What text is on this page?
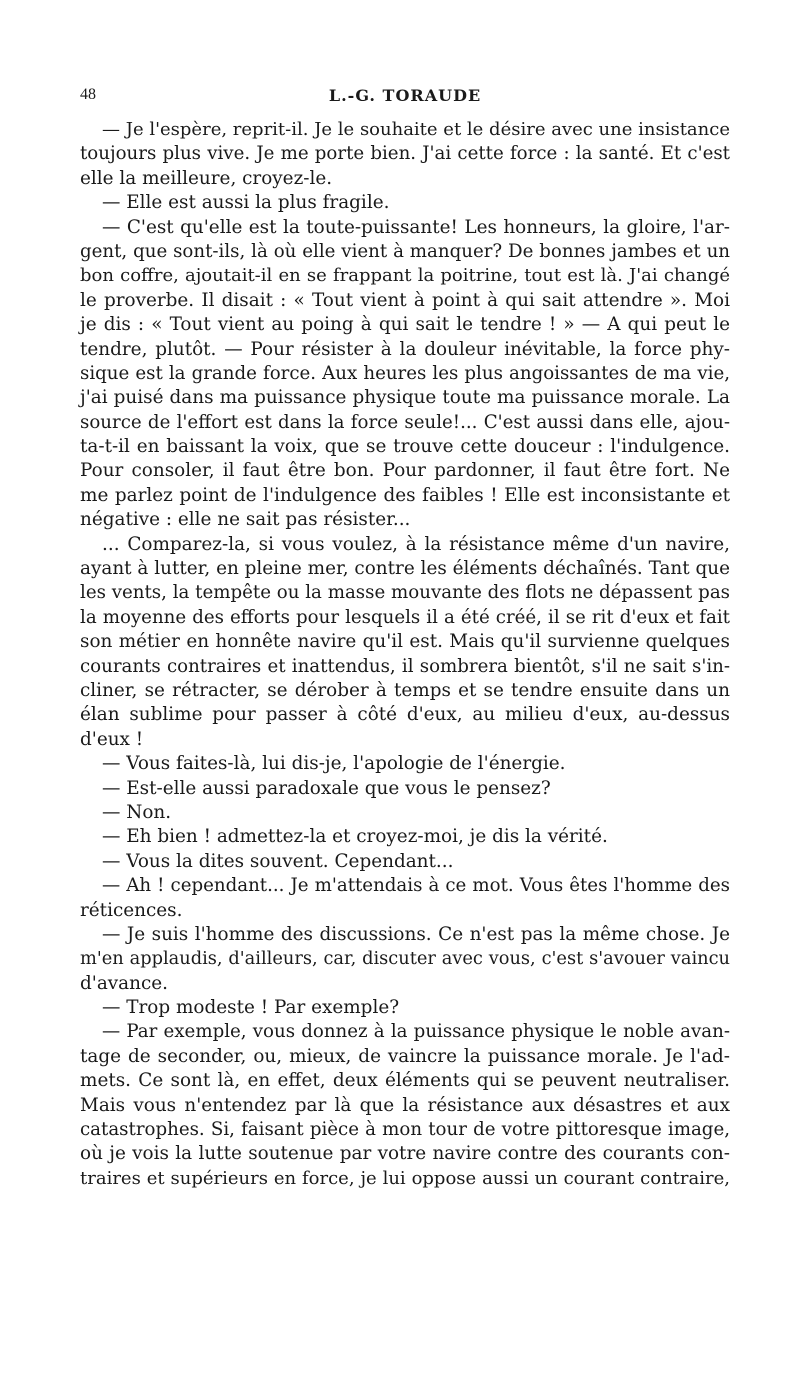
48	L.-G. TORAUDE
— Je l'espère, reprit-il. Je le souhaite et le désire avec une insistance
toujours plus vive. Je me porte bien. J'ai cette force : la santé. Et c'est
elle la meilleure, croyez-le.
— Elle est aussi la plus fragile.
— C'est qu'elle est la toute-puissante! Les honneurs, la gloire, l'ar-
gent, que sont-ils, là où elle vient à manquer? De bonnes jambes et un
bon coffre, ajoutait-il en se frappant la poitrine, tout est là. J'ai changé
le proverbe. Il disait : « Tout vient à point à qui sait attendre ». Moi
je dis : « Tout vient au poing à qui sait le tendre ! » — A qui peut le
tendre, plutôt. — Pour résister à la douleur inévitable, la force phy-
sique est la grande force. Aux heures les plus angoissantes de ma vie,
j'ai puisé dans ma puissance physique toute ma puissance morale. La
source de l'effort est dans la force seule!... C'est aussi dans elle, ajou-
ta-t-il en baissant la voix, que se trouve cette douceur : l'indulgence.
Pour consoler, il faut être bon. Pour pardonner, il faut être fort. Ne
me parlez point de l'indulgence des faibles ! Elle est inconsistante et
négative : elle ne sait pas résister...
... Comparez-la, si vous voulez, à la résistance même d'un navire,
ayant à lutter, en pleine mer, contre les éléments déchaînés. Tant que
les vents, la tempête ou la masse mouvante des flots ne dépassent pas
la moyenne des efforts pour lesquels il a été créé, il se rit d'eux et fait
son métier en honnête navire qu'il est. Mais qu'il survienne quelques
courants contraires et inattendus, il sombrera bientôt, s'il ne sait s'in-
cliner, se rétracter, se dérober à temps et se tendre ensuite dans un
élan sublime pour passer à côté d'eux, au milieu d'eux, au-dessus
d'eux !
— Vous faites-là, lui dis-je, l'apologie de l'énergie.
— Est-elle aussi paradoxale que vous le pensez?
— Non.
— Eh bien ! admettez-la et croyez-moi, je dis la vérité.
— Vous la dites souvent. Cependant...
— Ah ! cependant... Je m'attendais à ce mot. Vous êtes l'homme des
réticences.
— Je suis l'homme des discussions. Ce n'est pas la même chose. Je
m'en applaudis, d'ailleurs, car, discuter avec vous, c'est s'avouer vaincu
d'avance.
— Trop modeste ! Par exemple?
— Par exemple, vous donnez à la puissance physique le noble avan-
tage de seconder, ou, mieux, de vaincre la puissance morale. Je l'ad-
mets. Ce sont là, en effet, deux éléments qui se peuvent neutraliser.
Mais vous n'entendez par là que la résistance aux désastres et aux
catastrophes. Si, faisant pièce à mon tour de votre pittoresque image,
où je vois la lutte soutenue par votre navire contre des courants con-
traires et supérieurs en force, je lui oppose aussi un courant contraire,
